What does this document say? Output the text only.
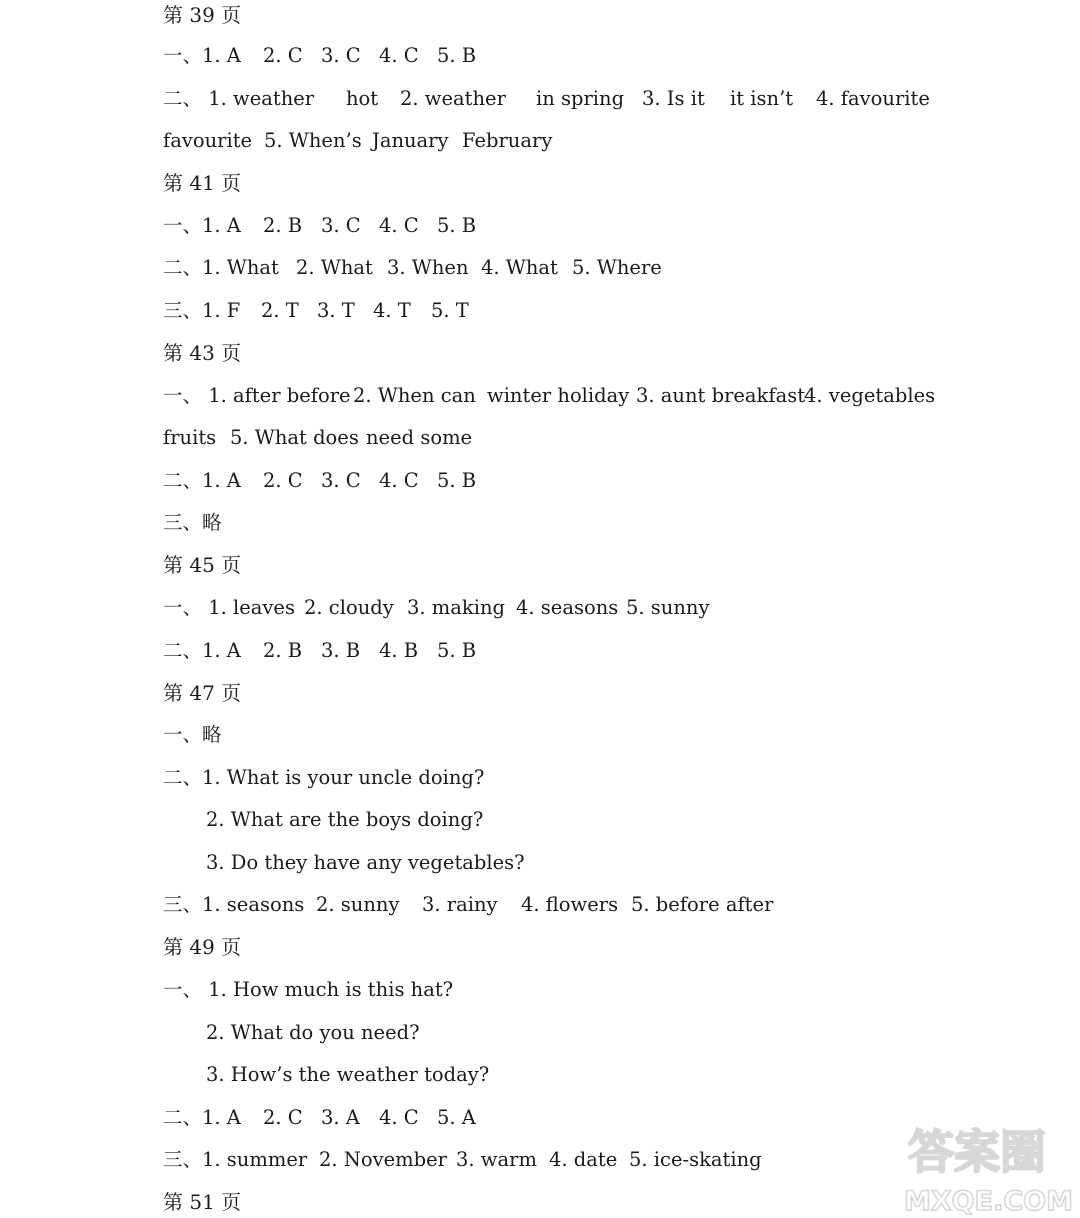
第 39 页
一、1. A 2. C 3. C 4. C 5. B
二、 1. weather hot 2. weather in spring 3. Is it it isn’t 4. favourite
favourite 5. When’s January February
第 41 页
一、1. A 2. B 3. C 4. C 5. B
二、1. What 2. What 3. When 4. What 5. Where
三、1. F 2. T 3. T 4. T 5. T
第 43 页
一、 1. after before 2. When can winter holiday 3. aunt breakfast4. vegetables
fruits 5. What does need some
二、1. A 2. C 3. C 4. C 5. B
三、略
第 45 页
一、 1. leaves 2. cloudy 3. making 4. seasons 5. sunny
二、1. A 2. B 3. B 4. B 5. B
第 47 页
一、略
二、1. What is your uncle doing?
2. What are the boys doing?
3. Do they have any vegetables?
三、1. seasons 2. sunny 3. rainy 4. flowers 5. before after
第 49 页
一、 1. How much is this hat?
2. What do you need?
3. How’s the weather today?
二、1. A 2. C 3. A 4. C 5. A
三、1. summer 2. November 3. warm 4. date 5. ice-skating
第 51 页
答案圈
MXQE.COM
